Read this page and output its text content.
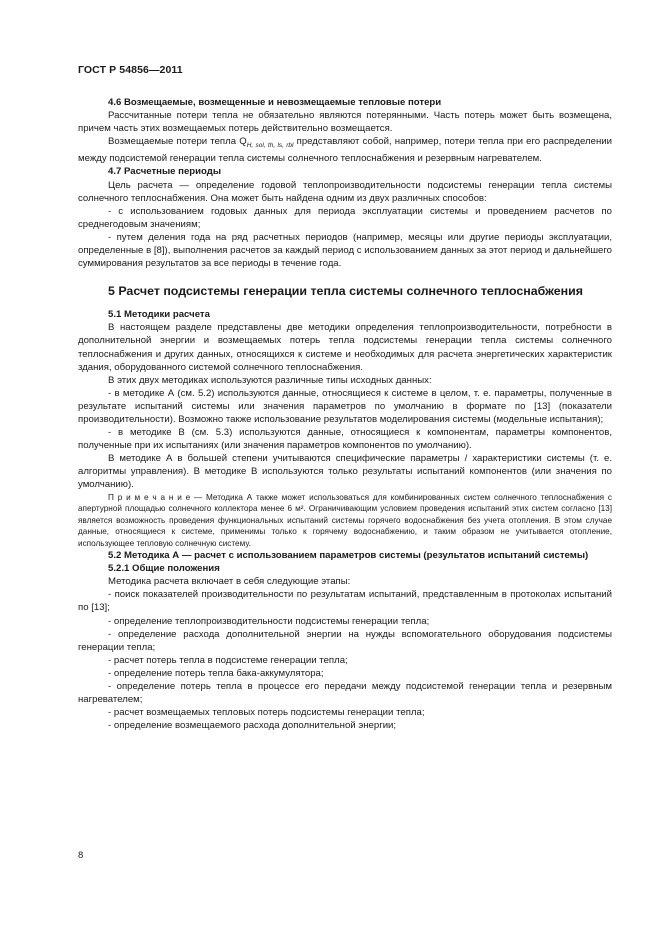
ГОСТ Р 54856—2011

4.6 Возмещаемые, возмещенные и невозмещаемые тепловые потери

Рассчитанные потери тепла не обязательно являются потерянными. Часть потерь может быть возмещена, причем часть этих возмещаемых потерь действительно возмещается.

Возмещаемые потери тепла $Q_{H, sol, th, ls, rbl}$ представляют собой, например, потери тепла при его распределении между подсистемой генерации тепла системы солнечного теплоснабжения и резервным нагревателем.

4.7 Расчетные периоды

Цель расчета — определение годовой теплопроизводительности подсистемы генерации тепла системы солнечного теплоснабжения. Она может быть найдена одним из двух различных способов:

- с использованием годовых данных для периода эксплуатации системы и проведением расчетов по среднегодовым значениям;

- путем деления года на ряд расчетных периодов (например, месяцы или другие периоды эксплуатации, определенные в [8]), выполнения расчетов за каждый период с использованием данных за этот период и дальнейшего суммирования результатов за все периоды в течение года.

5 Расчет подсистемы генерации тепла системы солнечного теплоснабжения

5.1 Методики расчета

В настоящем разделе представлены две методики определения теплопроизводительности, потребности в дополнительной энергии и возмещаемых потерь тепла подсистемы генерации тепла системы солнечного теплоснабжения и других данных, относящихся к системе и необходимых для расчета энергетических характеристик здания, оборудованного системой солнечного теплоснабжения.

В этих двух методиках используются различные типы исходных данных:

- в методике А (см. 5.2) используются данные, относящиеся к системе в целом, т. е. параметры, полученные в результате испытаний системы или значения параметров по умолчанию в формате по [13] (показатели производительности). Возможно также использование результатов моделирования системы (модельные испытания);

- в методике В (см. 5.3) используются данные, относящиеся к компонентам, параметры компонентов, полученные при их испытаниях (или значения параметров компонентов по умолчанию).

В методике А в большей степени учитываются специфические параметры / характеристики системы (т. е. алгоритмы управления). В методике В используются только результаты испытаний компонентов (или значения по умолчанию).

П р и м е ч а н и е — Методика А также может использоваться для комбинированных систем солнечного теплоснабжения с апертурной площадью солнечного коллектора менее 6 м². Ограничивающим условием проведения испытаний этих систем согласно [13] является возможность проведения функциональных испытаний системы горячего водоснабжения без учета отопления. В этом случае данные, относящиеся к системе, применимы только к горячему водоснабжению, и таким образом не учитывается отопление, использующее тепловую солнечную систему.

5.2 Методика А — расчет с использованием параметров системы (результатов испытаний системы)

5.2.1 Общие положения

Методика расчета включает в себя следующие этапы:

- поиск показателей производительности по результатам испытаний, представленным в протоколах испытаний по [13];

- определение теплопроизводительности подсистемы генерации тепла;

- определение расхода дополнительной энергии на нужды вспомогательного оборудования подсистемы генерации тепла;

- расчет потерь тепла в подсистеме генерации тепла;

- определение потерь тепла бака-аккумулятора;

- определение потерь тепла в процессе его передачи между подсистемой генерации тепла и резервным нагревателем;

- расчет возмещаемых тепловых потерь подсистемы генерации тепла;

- определение возмещаемого расхода дополнительной энергии;

8
